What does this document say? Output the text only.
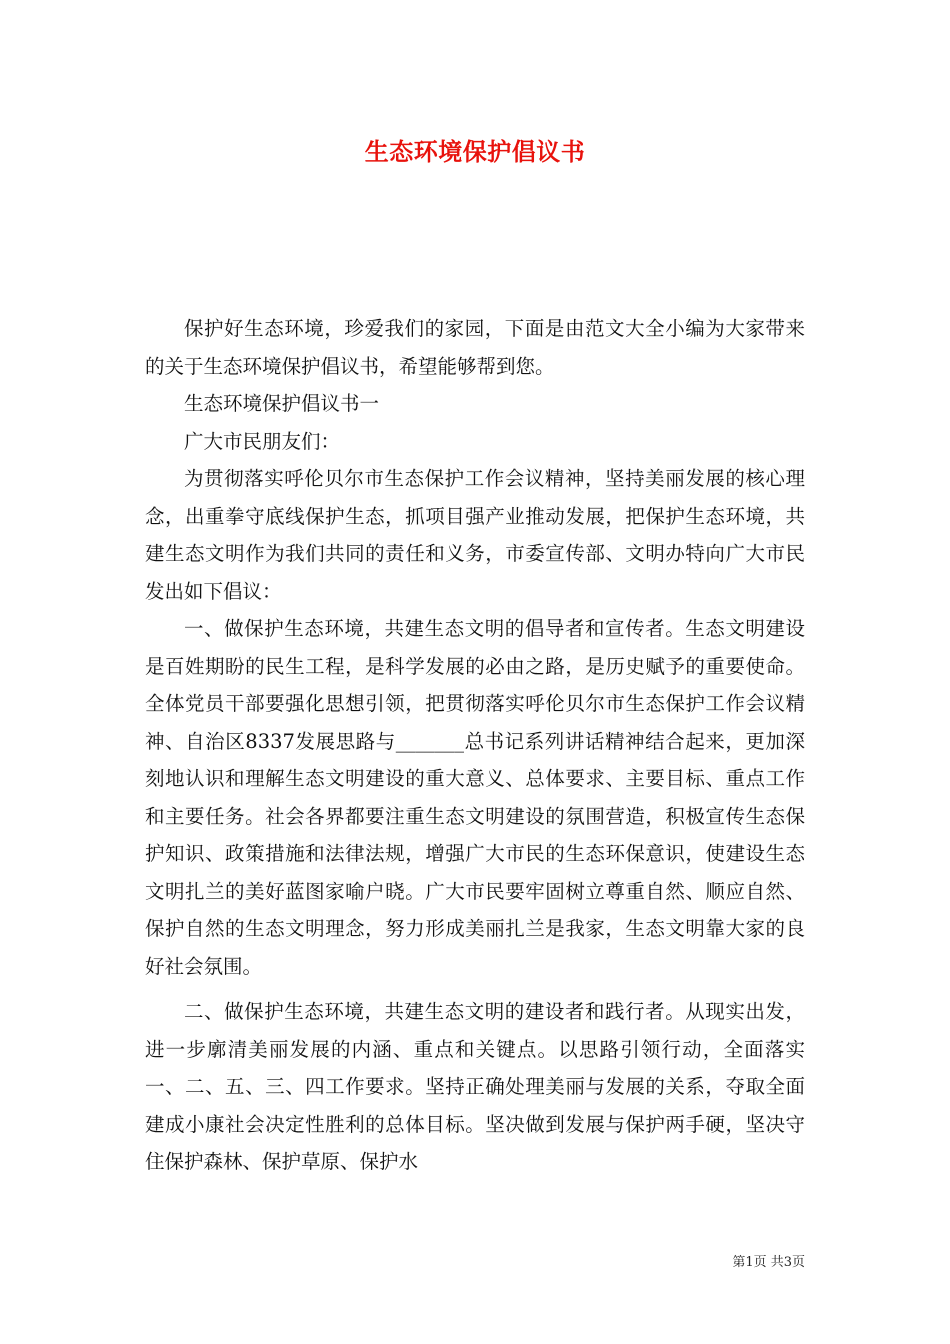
生态环境保护倡议书

保护好生态环境，珍爱我们的家园，下面是由范文大全小编为大家带来的关于生态环境保护倡议书，希望能够帮到您。

生态环境保护倡议书一

广大市民朋友们：

为贯彻落实呼伦贝尔市生态保护工作会议精神，坚持美丽发展的核心理念，出重拳守底线保护生态，抓项目强产业推动发展，把保护生态环境，共建生态文明作为我们共同的责任和义务，市委宣传部、文明办特向广大市民发出如下倡议：

一、做保护生态环境，共建生态文明的倡导者和宣传者。生态文明建设是百姓期盼的民生工程，是科学发展的必由之路，是历史赋予的重要使命。全体党员干部要强化思想引领，把贯彻落实呼伦贝尔市生态保护工作会议精神、自治区8337发展思路与_______总书记系列讲话精神结合起来，更加深刻地认识和理解生态文明建设的重大意义、总体要求、主要目标、重点工作和主要任务。社会各界都要注重生态文明建设的氛围营造，积极宣传生态保护知识、政策措施和法律法规，增强广大市民的生态环保意识，使建设生态文明扎兰的美好蓝图家喻户晓。广大市民要牢固树立尊重自然、顺应自然、保护自然的生态文明理念，努力形成美丽扎兰是我家，生态文明靠大家的良好社会氛围。

二、做保护生态环境，共建生态文明的建设者和践行者。从现实出发，进一步廓清美丽发展的内涵、重点和关键点。以思路引领行动，全面落实一、二、五、三、四工作要求。坚持正确处理美丽与发展的关系，夺取全面建成小康社会决定性胜利的总体目标。坚决做到发展与保护两手硬，坚决守住保护森林、保护草原、保护水

第1页 共3页
